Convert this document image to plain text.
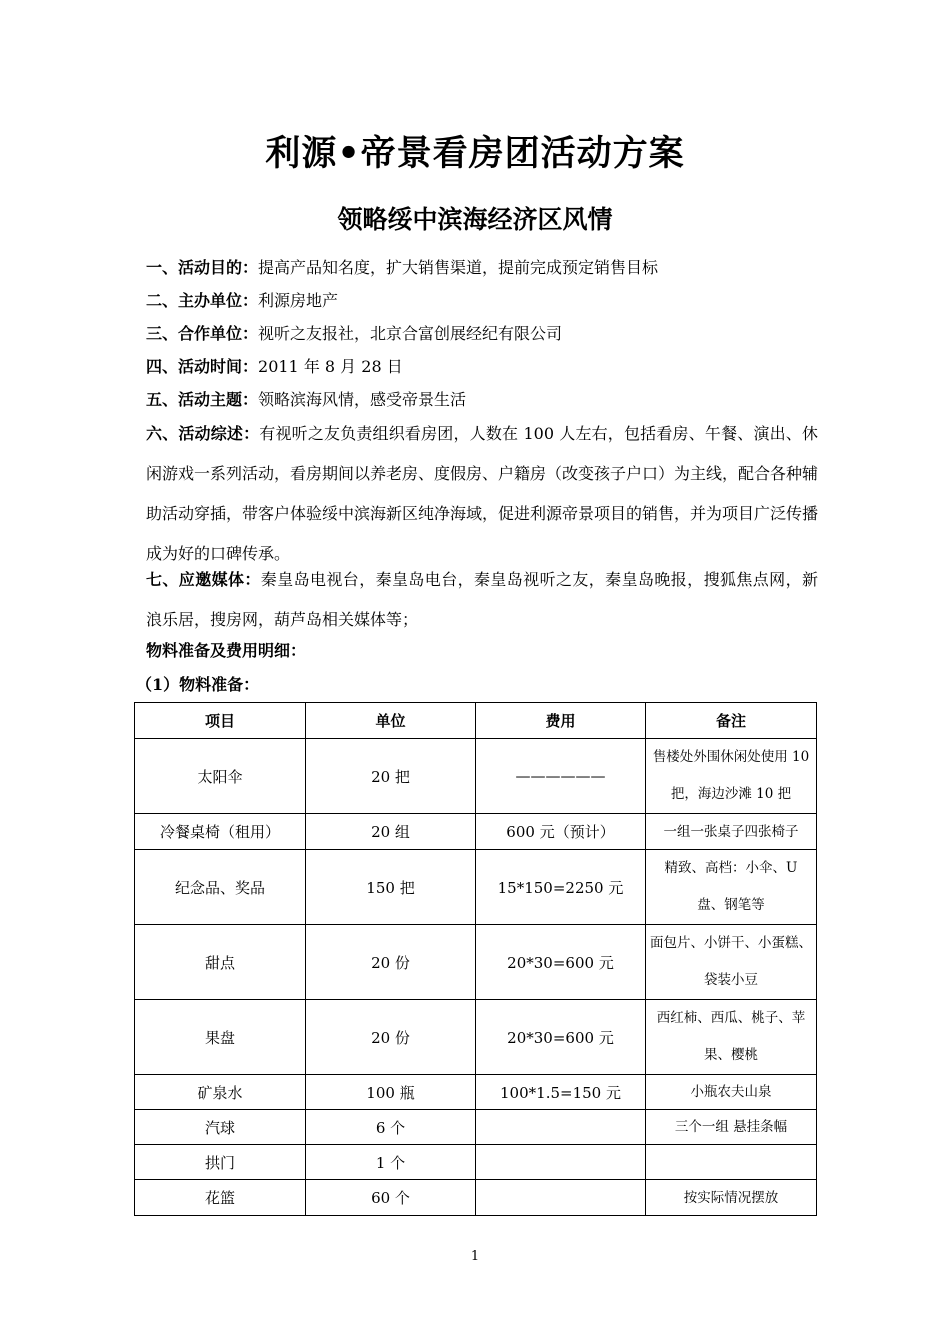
利源•帝景看房团活动方案
领略绥中滨海经济区风情
一、活动目的：提高产品知名度，扩大销售渠道，提前完成预定销售目标
二、主办单位：利源房地产
三、合作单位：视听之友报社，北京合富创展经纪有限公司
四、活动时间：2011 年 8 月 28 日
五、活动主题：领略滨海风情，感受帝景生活
六、活动综述：有视听之友负责组织看房团，人数在 100 人左右，包括看房、午餐、演出、休闲游戏一系列活动，看房期间以养老房、度假房、户籍房（改变孩子户口）为主线，配合各种辅助活动穿插，带客户体验绥中滨海新区纯净海域，促进利源帝景项目的销售，并为项目广泛传播成为好的口碑传承。
七、应邀媒体：秦皇岛电视台，秦皇岛电台，秦皇岛视听之友，秦皇岛晚报，搜狐焦点网，新浪乐居，搜房网，葫芦岛相关媒体等；
物料准备及费用明细：
（1）物料准备：
项目	单位	费用	备注
太阳伞	20 把	——————	售楼处外围休闲处使用 10 把，海边沙滩 10 把
冷餐桌椅（租用）	20 组	600 元（预计）	一组一张桌子四张椅子
纪念品、奖品	150 把	15*150=2250 元	精致、高档：小伞、U 盘、钢笔等
甜点	20 份	20*30=600 元	面包片、小饼干、小蛋糕、袋装小豆
果盘	20 份	20*30=600 元	西红柿、西瓜、桃子、苹果、樱桃
矿泉水	100 瓶	100*1.5=150 元	小瓶农夫山泉
汽球	6 个		三个一组 悬挂条幅
拱门	1 个		
花篮	60 个		按实际情况摆放
1
